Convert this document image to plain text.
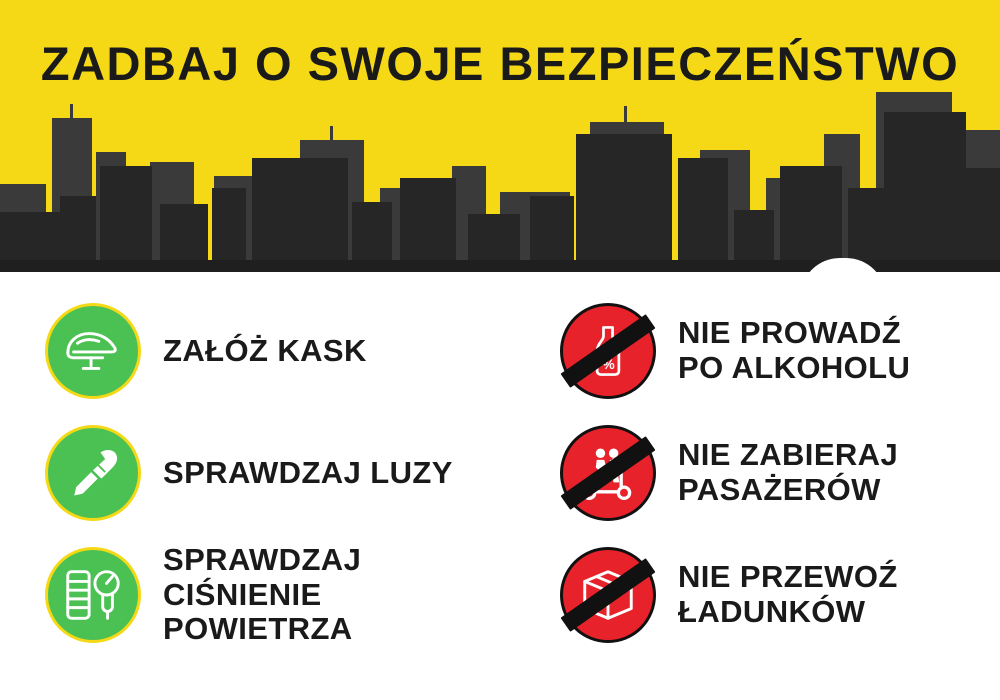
ZADBAJ O SWOJE BEZPIECZEŃSTWO
ZAŁÓŻ KASK
SPRAWDZAJ LUZY
SPRAWDZAJ
CIŚNIENIE POWIETRZA
%
NIE PROWADŹ
PO ALKOHOLU
NIE ZABIERAJ
PASAŻERÓW
NIE PRZEWOŹ
ŁADUNKÓW
